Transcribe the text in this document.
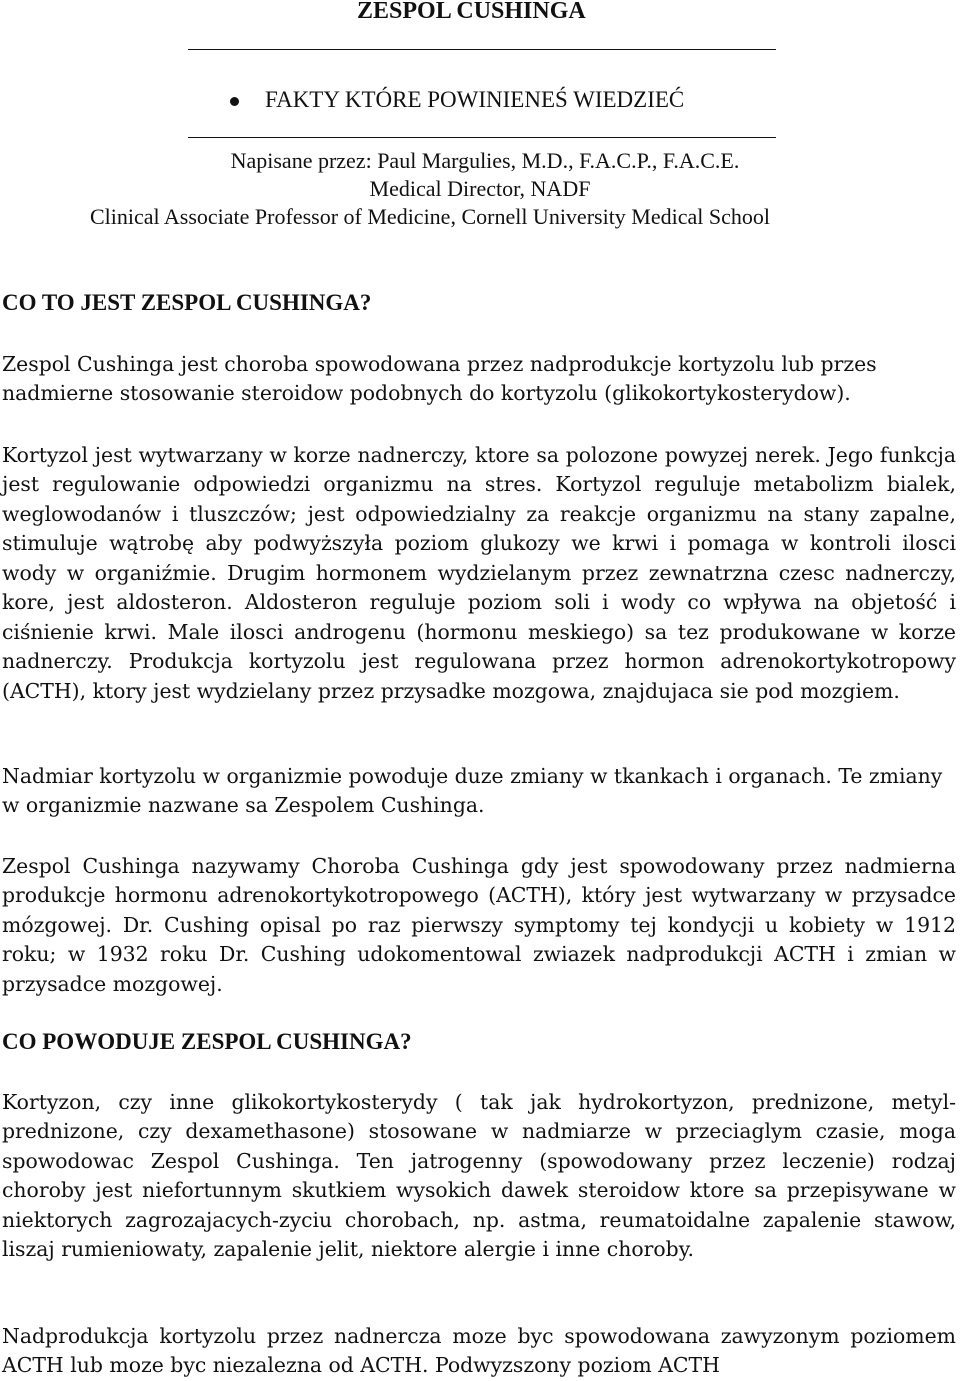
ZESPOL CUSHINGA
FAKTY KTÓRE POWINIENEŚ WIEDZIEĆ
Napisane przez: Paul Margulies, M.D., F.A.C.P., F.A.C.E.
Medical Director, NADF
Clinical Associate Professor of Medicine, Cornell University Medical School
CO TO JEST ZESPOL CUSHINGA?

Zespol Cushinga jest choroba spowodowana przez nadprodukcje kortyzolu lub przes nadmierne stosowanie steroidow podobnych do kortyzolu (glikokortykosterydow).

Kortyzol jest wytwarzany w korze nadnerczy, ktore sa polozone powyzej nerek. Jego funkcja jest regulowanie odpowiedzi organizmu na stres. Kortyzol reguluje metabolizm bialek, weglowodanów i tluszczów; jest odpowiedzialny za reakcje organizmu na stany zapalne, stimuluje wątrobę aby podwyższyła poziom glukozy we krwi i pomaga w kontroli ilosci wody w organiźmie. Drugim hormonem wydzielanym przez zewnatrzna czesc nadnerczy, kore, jest aldosteron. Aldosteron reguluje poziom soli i wody co wpływa na objetość i ciśnienie krwi. Male ilosci androgenu (hormonu meskiego) sa tez produkowane w korze nadnerczy. Produkcja kortyzolu jest regulowana przez hormon adrenokortykotropowy (ACTH), ktory jest wydzielany przez przysadke mozgowa, znajdujaca sie pod mozgiem.

Nadmiar kortyzolu w organizmie powoduje duze zmiany w tkankach i organach. Te zmiany w organizmie nazwane sa Zespolem Cushinga.

Zespol Cushinga nazywamy Choroba Cushinga gdy jest spowodowany przez nadmierna produkcje hormonu adrenokortykotropowego (ACTH), który jest wytwarzany w przysadce mózgowej. Dr. Cushing opisal po raz pierwszy symptomy tej kondycji u kobiety w 1912 roku; w 1932 roku Dr. Cushing udokomentowal zwiazek nadprodukcji ACTH i zmian w przysadce mozgowej.

CO POWODUJE ZESPOL CUSHINGA?

Kortyzon, czy inne glikokortykosterydy ( tak jak hydrokortyzon, prednizone, metyl-prednizone, czy dexamethasone) stosowane w nadmiarze w przeciaglym czasie, moga spowodowac Zespol Cushinga. Ten jatrogenny (spowodowany przez leczenie) rodzaj choroby jest niefortunnym skutkiem wysokich dawek steroidow ktore sa przepisywane w niektorych zagrozajacych-zyciu chorobach, np. astma, reumatoidalne zapalenie stawow, liszaj rumieniowaty, zapalenie jelit, niektore alergie i inne choroby.

Nadprodukcja kortyzolu przez nadnercza moze byc spowodowana zawyzonym poziomem ACTH lub moze byc niezalezna od ACTH. Podwyzszony poziom ACTH
